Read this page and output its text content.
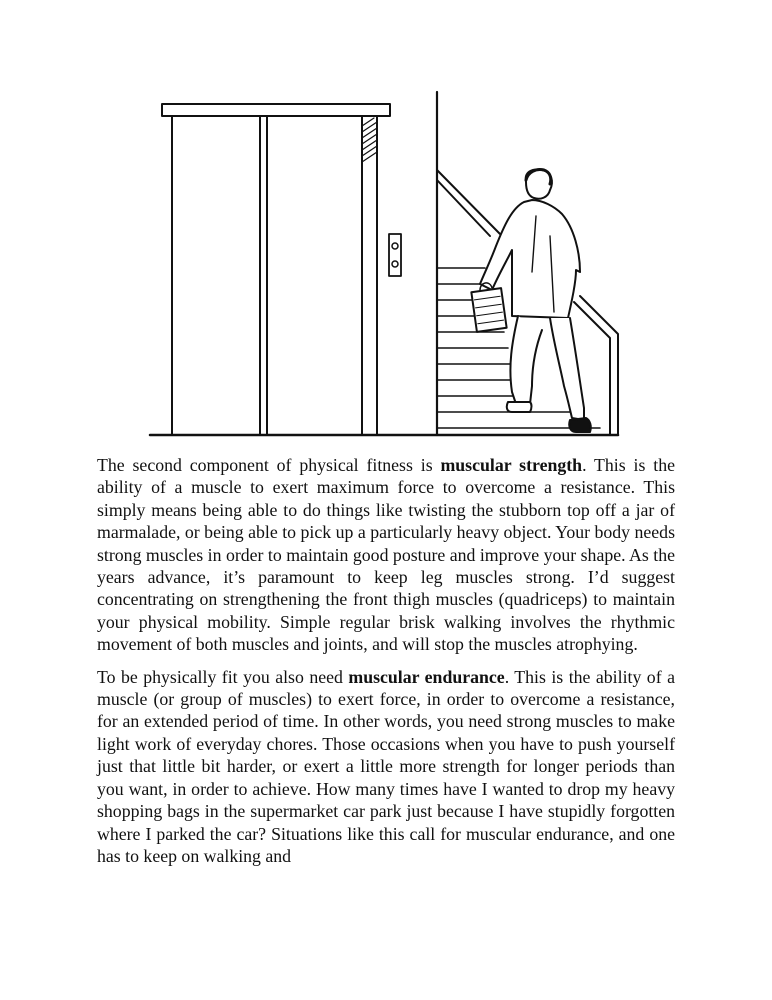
The second component of physical fitness is muscular strength. This is the ability of a muscle to exert maximum force to overcome a resistance. This simply means being able to do things like twisting the stubborn top off a jar of marmalade, or being able to pick up a particularly heavy object. Your body needs strong muscles in order to maintain good posture and improve your shape. As the years advance, it’s paramount to keep leg muscles strong. I’d suggest concentrating on strengthening the front thigh muscles (quadriceps) to maintain your physical mobility. Simple regular brisk walking involves the rhythmic movement of both muscles and joints, and will stop the muscles atrophying.

To be physically fit you also need muscular endurance. This is the ability of a muscle (or group of muscles) to exert force, in order to overcome a resistance, for an extended period of time. In other words, you need strong muscles to make light work of everyday chores. Those occasions when you have to push yourself just that little bit harder, or exert a little more strength for longer periods than you want, in order to achieve. How many times have I wanted to drop my heavy shopping bags in the supermarket car park just because I have stupidly forgotten where I parked the car? Situations like this call for muscular endurance, and one has to keep on walking and
